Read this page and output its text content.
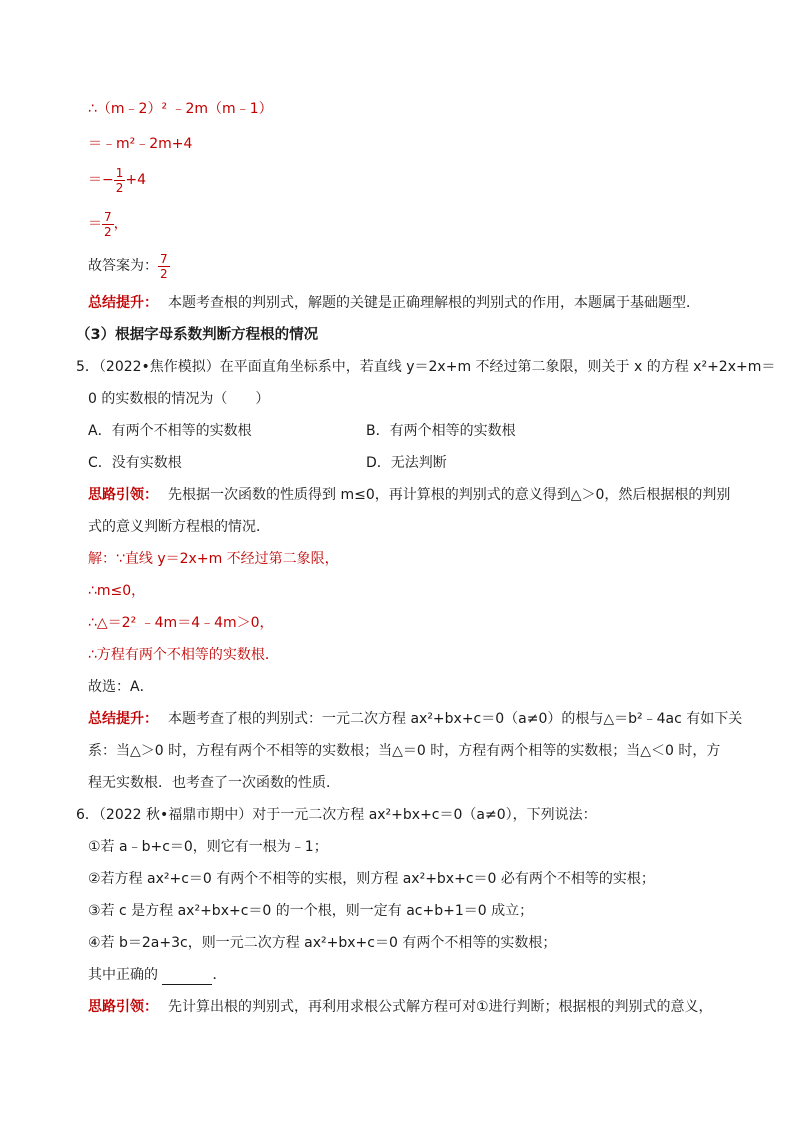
∴（m﹣2）² ﹣2m（m﹣1）
＝﹣m²﹣2m+4
＝− $\frac{1}{2} +4$
＝ $\frac{7}{2}$ ，
故答案为： $\frac{7}{2}$
总结提升： 本题考查根的判别式，解题的关键是正确理解根的判别式的作用，本题属于基础题型．
（3）根据字母系数判断方程根的情况
5．（2022•焦作模拟）在平面直角坐标系中，若直线 y＝2x+m 不经过第二象限，则关于 x 的方程 x²+2x+m＝
0 的实数根的情况为（　　）
A．有两个不相等的实数根	B．有两个相等的实数根
C．没有实数根	D．无法判断
思路引领： 先根据一次函数的性质得到 m≤0，再计算根的判别式的意义得到△＞0，然后根据根的判别
式的意义判断方程根的情况．
解：∵直线 y＝2x+m 不经过第二象限，
∴m≤0，
∴△＝2² ﹣4m＝4﹣4m＞0，
∴方程有两个不相等的实数根．
故选：A．
总结提升： 本题考查了根的判别式：一元二次方程 ax²+bx+c＝0（a≠0）的根与△＝b²﹣4ac 有如下关
系：当△＞0 时，方程有两个不相等的实数根；当△＝0 时，方程有两个相等的实数根；当△＜0 时，方
程无实数根．也考查了一次函数的性质．
6．（2022 秋•福鼎市期中）对于一元二次方程 ax²+bx+c＝0（a≠0），下列说法：
①若 a﹣b+c＝0，则它有一根为﹣1；
②若方程 ax²+c＝0 有两个不相等的实根，则方程 ax²+bx+c＝0 必有两个不相等的实根；
③若 c 是方程 ax²+bx+c＝0 的一个根，则一定有 ac+b+1＝0 成立；
④若 b＝2a+3c，则一元二次方程 ax²+bx+c＝0 有两个不相等的实数根；
其中正确的	．
思路引领： 先计算出根的判别式，再利用求根公式解方程可对①进行判断；根据根的判别式的意义，
